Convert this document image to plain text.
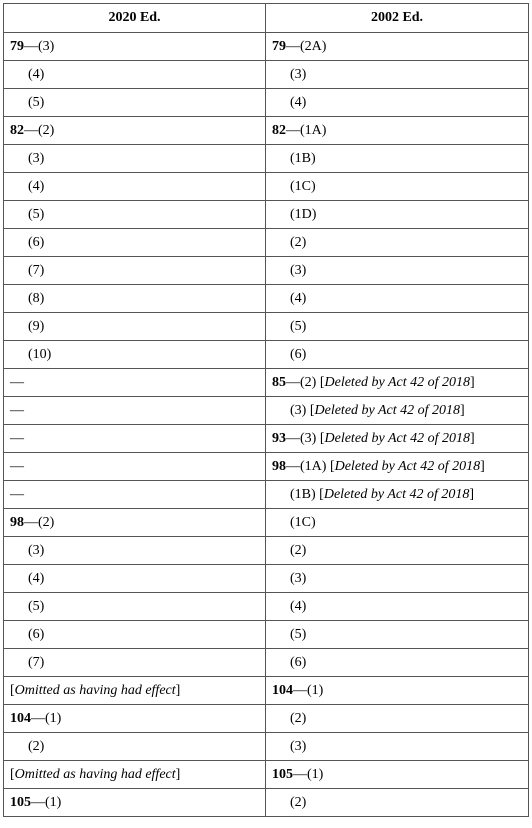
2020 Ed.	2002 Ed.
79—(3)	79—(2A)
(4)	(3)
(5)	(4)
82—(2)	82—(1A)
(3)	(1B)
(4)	(1C)
(5)	(1D)
(6)	(2)
(7)	(3)
(8)	(4)
(9)	(5)
(10)	(6)
—	85—(2) [Deleted by Act 42 of 2018]
—	(3) [Deleted by Act 42 of 2018]
—	93—(3) [Deleted by Act 42 of 2018]
—	98—(1A) [Deleted by Act 42 of 2018]
—	(1B) [Deleted by Act 42 of 2018]
98—(2)	(1C)
(3)	(2)
(4)	(3)
(5)	(4)
(6)	(5)
(7)	(6)
[Omitted as having had effect]	104—(1)
104—(1)	(2)
(2)	(3)
[Omitted as having had effect]	105—(1)
105—(1)	(2)
